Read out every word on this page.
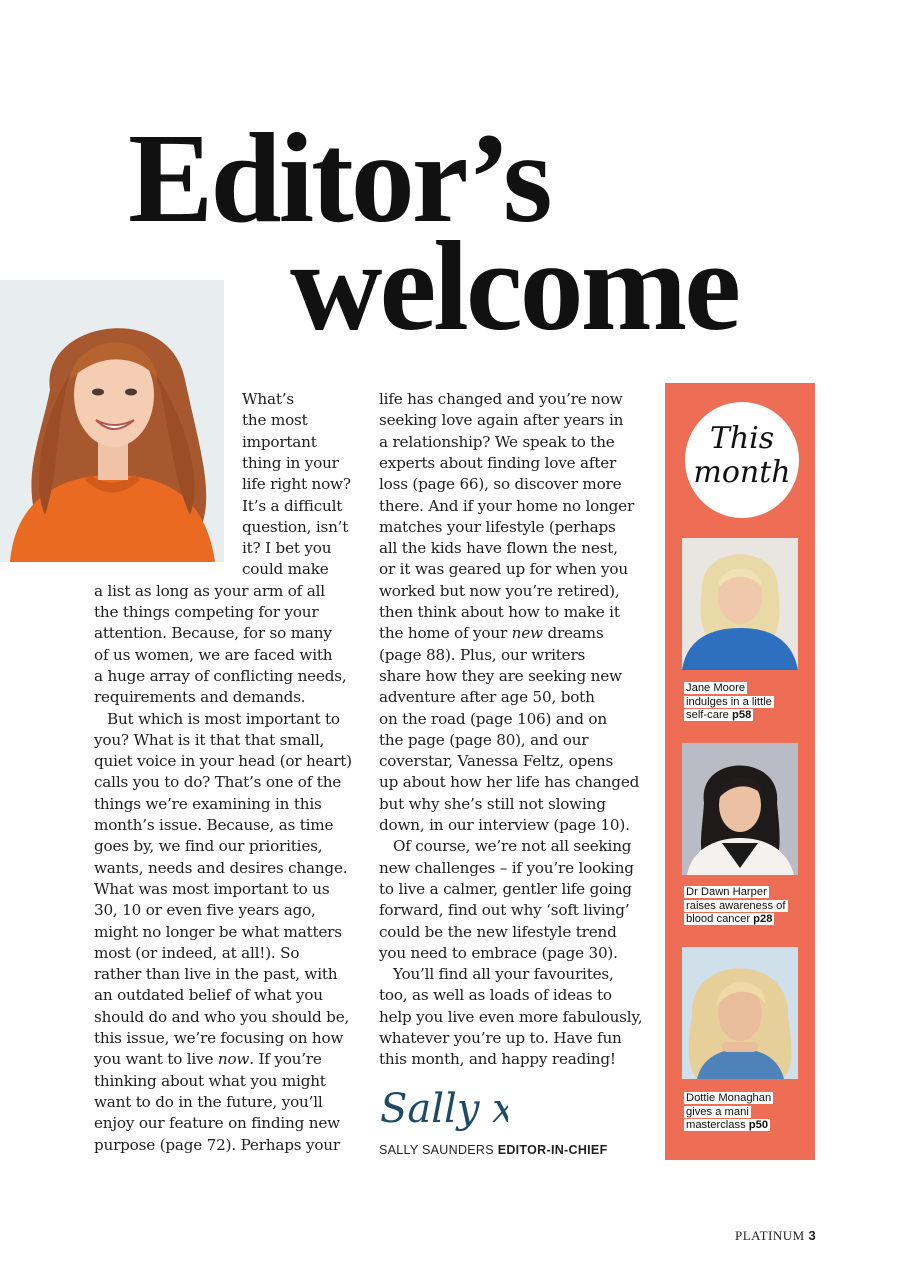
Editor’s
welcome
What’s
the most
important
thing in your
life right now?
It’s a difficult
question, isn’t
it? I bet you
could make
a list as long as your arm of all
the things competing for your
attention. Because, for so many
of us women, we are faced with
a huge array of conflicting needs,
requirements and demands.
But which is most important to
you? What is it that that small,
quiet voice in your head (or heart)
calls you to do? That’s one of the
things we’re examining in this
month’s issue. Because, as time
goes by, we find our priorities,
wants, needs and desires change.
What was most important to us
30, 10 or even five years ago,
might no longer be what matters
most (or indeed, at all!). So
rather than live in the past, with
an outdated belief of what you
should do and who you should be,
this issue, we’re focusing on how
you want to live now. If you’re
thinking about what you might
want to do in the future, you’ll
enjoy our feature on finding new
purpose (page 72). Perhaps your
life has changed and you’re now
seeking love again after years in
a relationship? We speak to the
experts about finding love after
loss (page 66), so discover more
there. And if your home no longer
matches your lifestyle (perhaps
all the kids have flown the nest,
or it was geared up for when you
worked but now you’re retired),
then think about how to make it
the home of your new dreams
(page 88). Plus, our writers
share how they are seeking new
adventure after age 50, both
on the road (page 106) and on
the page (page 80), and our
coverstar, Vanessa Feltz, opens
up about how her life has changed
but why she’s still not slowing
down, in our interview (page 10).
Of course, we’re not all seeking
new challenges – if you’re looking
to live a calmer, gentler life going
forward, find out why ‘soft living’
could be the new lifestyle trend
you need to embrace (page 30).
You’ll find all your favourites,
too, as well as loads of ideas to
help you live even more fabulously,
whatever you’re up to. Have fun
this month, and happy reading!
Sally x
SALLY SAUNDERS EDITOR-IN-CHIEF
This
month
Jane Moore
indulges in a little
self-care p58
Dr Dawn Harper
raises awareness of
blood cancer p28
Dottie Monaghan
gives a mani
masterclass p50
PLATINUM 3
